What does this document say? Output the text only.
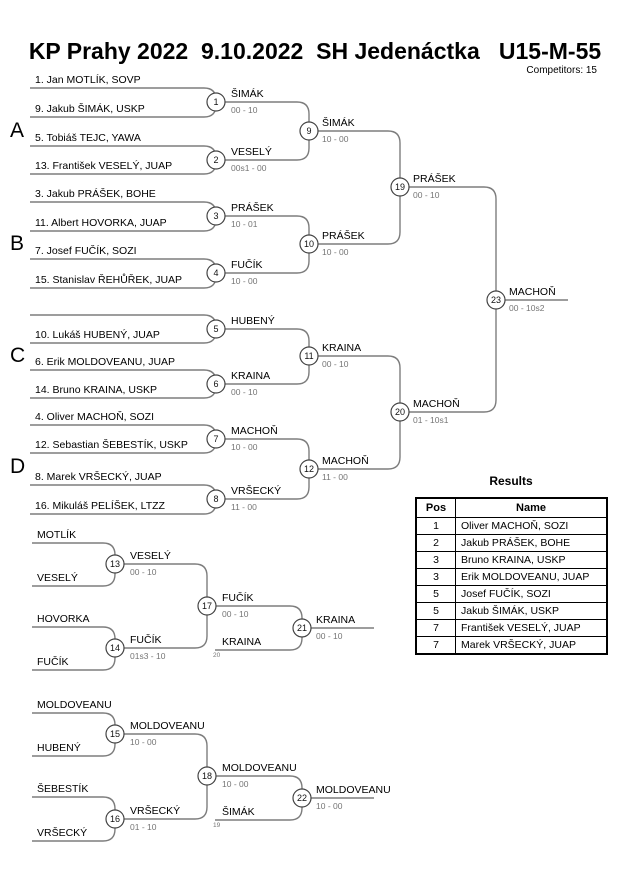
KP Prahy 2022  9.10.2022  SH Jedenáctka   U15-M-55
Competitors: 15
A
B
C
D
1. Jan MOTLÍK, SOVP
9. Jakub ŠIMÁK, USKP
5. Tobiáš TEJC, YAWA
13. František VESELÝ, JUAP
3. Jakub PRÁŠEK, BOHE
11. Albert HOVORKA, JUAP
7. Josef FUČÍK, SOZI
15. Stanislav ŘEHŮŘEK, JUAP
10. Lukáš HUBENÝ, JUAP
6. Erik MOLDOVEANU, JUAP
14. Bruno KRAINA, USKP
4. Oliver MACHOŇ, SOZI
12. Sebastian ŠEBESTÍK, USKP
8. Marek VRŠECKÝ, JUAP
16. Mikuláš PELÍŠEK, LTZZ
1
2
3
4
5
6
7
8
ŠIMÁK
00 - 10
VESELÝ
00s1 - 00
PRÁŠEK
10 - 01
FUČÍK
10 - 00
HUBENÝ
KRAINA
00 - 10
MACHOŇ
10 - 00
VRŠECKÝ
11 - 00
9
ŠIMÁK
10 - 00
10
PRÁŠEK
10 - 00
11
KRAINA
00 - 10
12
MACHOŇ
11 - 00
19
PRÁŠEK
00 - 10
20
MACHOŇ
01 - 10s1
23
MACHOŇ
00 - 10s2
MOTLÍK
VESELÝ
HOVORKA
FUČÍK
13
VESELÝ
00 - 10
14
FUČÍK
01s3 - 10
17
FUČÍK
00 - 10
KRAINA
20
21
KRAINA
00 - 10
MOLDOVEANU
HUBENÝ
ŠEBESTÍK
VRŠECKÝ
15
MOLDOVEANU
10 - 00
16
VRŠECKÝ
01 - 10
18
MOLDOVEANU
10 - 00
ŠIMÁK
19
22
MOLDOVEANU
10 - 00
Results
Pos	Name
1	Oliver MACHOŇ, SOZI
2	Jakub PRÁŠEK, BOHE
3	Bruno KRAINA, USKP
3	Erik MOLDOVEANU, JUAP
5	Josef FUČÍK, SOZI
5	Jakub ŠIMÁK, USKP
7	František VESELÝ, JUAP
7	Marek VRŠECKÝ, JUAP
